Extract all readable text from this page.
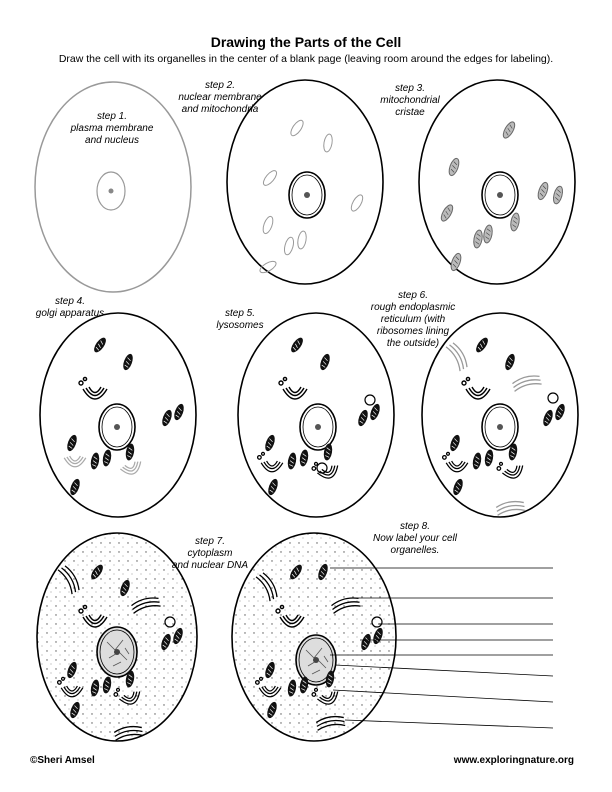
Drawing the Parts of the Cell
Draw the cell with its organelles in the center of a blank page (leaving room around the edges for labeling).
step 1.
plasma membrane
and nucleus
step 2.
nuclear membrane
and mitochondria
step 3.
mitochondrial
cristae
step 4.
golgi apparatus	step 5.
lysosomes
step 6.
rough endoplasmic
reticulum (with
ribosomes lining
the outside)
step 7.
cytoplasm
and nuclear DNA
step 8.
Now label your cell
organelles.
©Sheri Amsel	www.exploringnature.org
